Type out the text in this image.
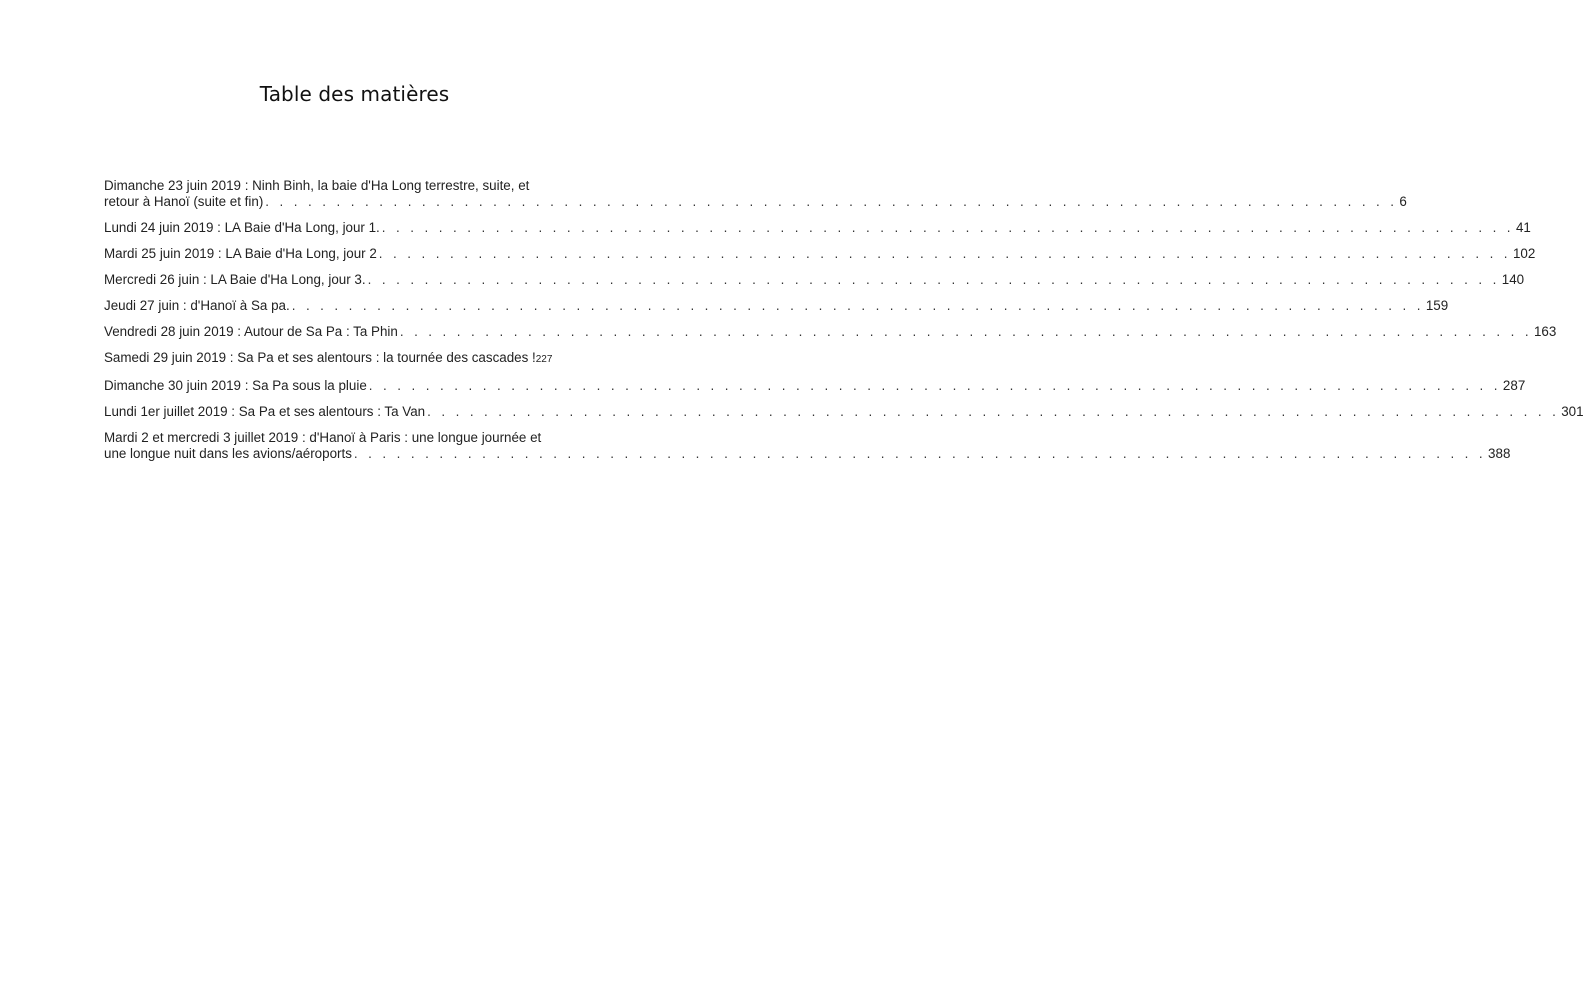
Table des matières
Dimanche 23 juin 2019 : Ninh Binh, la baie d'Ha Long terrestre, suite, et
retour à Hanoï (suite et fin) . . . . . . . . . . . . . . . . . . . . . . . . . . . . . . . . . . . . . . . . . . . . . . . . . . . . . . . . . . . . . . . . . . . . . . . . . . . . . . . . 6
Lundi 24 juin 2019 : LA Baie d'Ha Long, jour 1. . . . . . . . . . . . . . . . . . . . . . . . . . . . . . . . . . . . . . . . . . . . . . . . . . . . . . . . . . . . . . . . . . . . . . . . . . . . . . . . . 41
Mardi 25 juin 2019 : LA Baie d'Ha Long, jour 2 . . . . . . . . . . . . . . . . . . . . . . . . . . . . . . . . . . . . . . . . . . . . . . . . . . . . . . . . . . . . . . . . . . . . . . . . . . . . . . . . 102
Mercredi 26 juin : LA Baie d'Ha Long, jour 3. . . . . . . . . . . . . . . . . . . . . . . . . . . . . . . . . . . . . . . . . . . . . . . . . . . . . . . . . . . . . . . . . . . . . . . . . . . . . . . . . 140
Jeudi 27 juin : d'Hanoï à Sa pa. . . . . . . . . . . . . . . . . . . . . . . . . . . . . . . . . . . . . . . . . . . . . . . . . . . . . . . . . . . . . . . . . . . . . . . . . . . . . . . . . 159
Vendredi 28 juin 2019 : Autour de Sa Pa : Ta Phin . . . . . . . . . . . . . . . . . . . . . . . . . . . . . . . . . . . . . . . . . . . . . . . . . . . . . . . . . . . . . . . . . . . . . . . . . . . . . . . . 163
Samedi 29 juin 2019 : Sa Pa et ses alentours : la tournée des cascades ! 227
Dimanche 30 juin 2019 : Sa Pa sous la pluie . . . . . . . . . . . . . . . . . . . . . . . . . . . . . . . . . . . . . . . . . . . . . . . . . . . . . . . . . . . . . . . . . . . . . . . . . . . . . . . . 287
Lundi 1er juillet 2019 : Sa Pa et ses alentours : Ta Van . . . . . . . . . . . . . . . . . . . . . . . . . . . . . . . . . . . . . . . . . . . . . . . . . . . . . . . . . . . . . . . . . . . . . . . . . . . . . . . . 301
Mardi 2 et mercredi 3 juillet 2019 : d'Hanoï à Paris : une longue journée et
une longue nuit dans les avions/aéroports . . . . . . . . . . . . . . . . . . . . . . . . . . . . . . . . . . . . . . . . . . . . . . . . . . . . . . . . . . . . . . . . . . . . . . . . . . . . . . . . 388
